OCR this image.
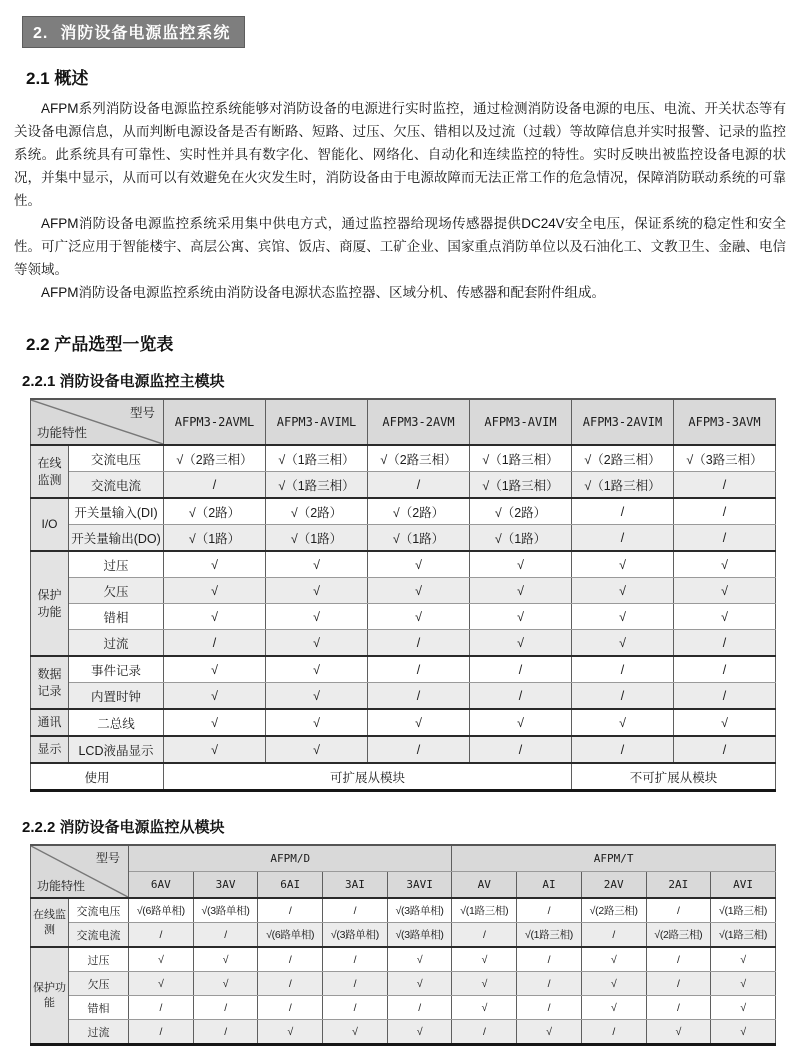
2. 消防设备电源监控系统
2.1 概述

AFPM系列消防设备电源监控系统能够对消防设备的电源进行实时监控，通过检测消防设备电源的电压、电流、开关状态等有关设备电源信息，从而判断电源设备是否有断路、短路、过压、欠压、错相以及过流（过载）等故障信息并实时报警、记录的监控系统。此系统具有可靠性、实时性并具有数字化、智能化、网络化、自动化和连续监控的特性。实时反映出被监控设备电源的状况，并集中显示，从而可以有效避免在火灾发生时，消防设备由于电源故障而无法正常工作的危急情况，保障消防联动系统的可靠性。

AFPM消防设备电源监控系统采用集中供电方式，通过监控器给现场传感器提供DC24V安全电压，保证系统的稳定性和安全性。可广泛应用于智能楼宇、高层公寓、宾馆、饭店、商厦、工矿企业、国家重点消防单位以及石油化工、文教卫生、金融、电信等领域。

AFPM消防设备电源监控系统由消防设备电源状态监控器、区域分机、传感器和配套附件组成。

2.2 产品选型一览表
2.2.1 消防设备电源监控主模块
型号
功能特性		AFPM3-2AVML	AFPM3-AVIML	AFPM3-2AVM	AFPM3-AVIM	AFPM3-2AVIM	AFPM3-3AVM
在线监测	交流电压	√（2路三相）	√（1路三相）	√（2路三相）	√（1路三相）	√（2路三相）	√（3路三相）
	交流电流	/	√（1路三相）	/	√（1路三相）	√（1路三相）	/
I/O	开关量输入(DI)	√（2路）	√（2路）	√（2路）	√（2路）	/	/
	开关量输出(DO)	√（1路）	√（1路）	√（1路）	√（1路）	/	/
保护功能	过压	√	√	√	√	√	√
	欠压	√	√	√	√	√	√
	错相	√	√	√	√	√	√
	过流	/	√	/	√	√	/
数据记录	事件记录	√	√	/	/	/	/
	内置时钟	√	√	/	/	/	/
通讯	二总线	√	√	√	√	√	√
显示	LCD液晶显示	√	√	/	/	/	/
使用		可扩展从模块				不可扩展从模块	
2.2.2 消防设备电源监控从模块
型号
功能特性		AFPM/D					AFPM/T				
		6AV	3AV	6AI	3AI	3AVI	AV	AI	2AV	2AI	AVI
在线监测	交流电压	√(6路单相)	√(3路单相)	/	/	√(3路单相)	√(1路三相)	/	√(2路三相)	/	√(1路三相)
	交流电流	/	/	√(6路单相)	√(3路单相)	√(3路单相)	/	√(1路三相)	/	√(2路三相)	√(1路三相)
保护功能	过压	√	√	/	/	√	√	/	√	/	√
	欠压	√	√	/	/	√	√	/	√	/	√
	错相	/	/	/	/	/	√	/	√	/	√
	过流	/	/	√	√	√	/	√	/	√	√
